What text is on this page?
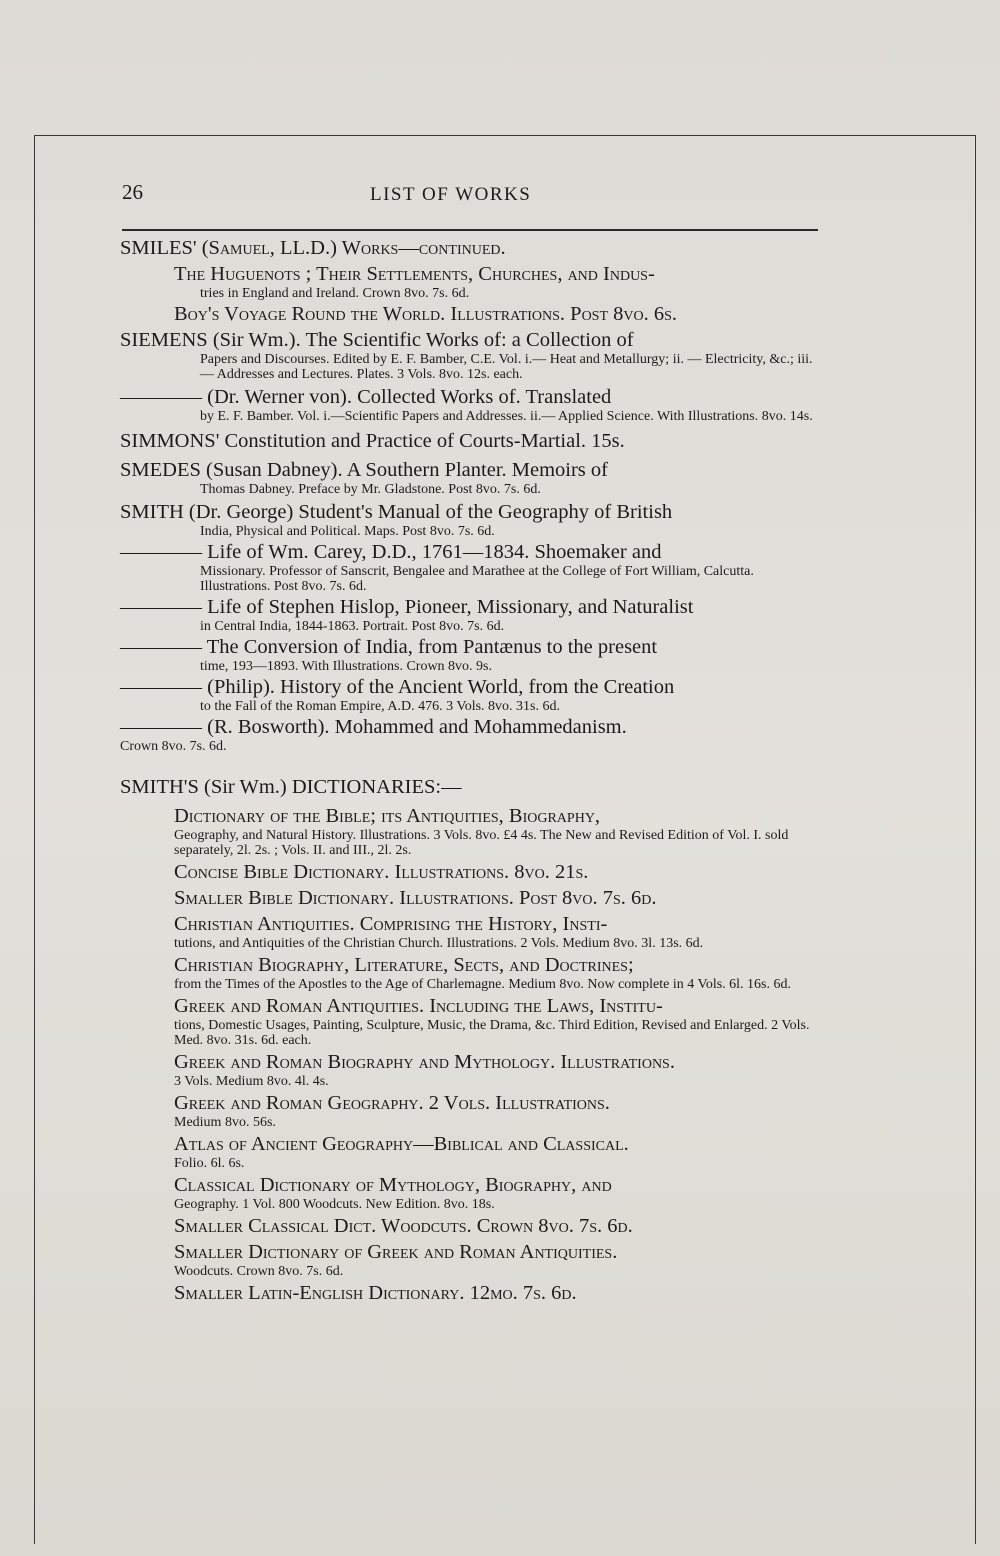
26	LIST OF WORKS

SMILES' (Samuel, LL.D.) Works—continued.

The Huguenots ; Their Settlements, Churches, and Indus-

tries in England and Ireland. Crown 8vo. 7s. 6d.

Boy's Voyage Round the World. Illustrations. Post 8vo. 6s.

SIEMENS (Sir Wm.). The Scientific Works of: a Collection of

Papers and Discourses. Edited by E. F. Bamber, C.E. Vol. i.— Heat and Metallurgy; ii. — Electricity, &c.; iii. — Addresses and Lectures. Plates. 3 Vols. 8vo. 12s. each.

———— (Dr. Werner von). Collected Works of. Translated

by E. F. Bamber. Vol. i.—Scientific Papers and Addresses. ii.— Applied Science. With Illustrations. 8vo. 14s.

SIMMONS' Constitution and Practice of Courts-Martial. 15s.

SMEDES (Susan Dabney). A Southern Planter. Memoirs of

Thomas Dabney. Preface by Mr. Gladstone. Post 8vo. 7s. 6d.

SMITH (Dr. George) Student's Manual of the Geography of British

India, Physical and Political. Maps. Post 8vo. 7s. 6d.

———— Life of Wm. Carey, D.D., 1761—1834. Shoemaker and

Missionary. Professor of Sanscrit, Bengalee and Marathee at the College of Fort William, Calcutta. Illustrations. Post 8vo. 7s. 6d.

———— Life of Stephen Hislop, Pioneer, Missionary, and Naturalist

in Central India, 1844-1863. Portrait. Post 8vo. 7s. 6d.

———— The Conversion of India, from Pantænus to the present

time, 193—1893. With Illustrations. Crown 8vo. 9s.

———— (Philip). History of the Ancient World, from the Creation

to the Fall of the Roman Empire, A.D. 476. 3 Vols. 8vo. 31s. 6d.

———— (R. Bosworth). Mohammed and Mohammedanism.

Crown 8vo. 7s. 6d.

SMITH'S (Sir Wm.) DICTIONARIES:—

Dictionary of the Bible; its Antiquities, Biography,

Geography, and Natural History. Illustrations. 3 Vols. 8vo. £4 4s. The New and Revised Edition of Vol. I. sold separately, 2l. 2s. ; Vols. II. and III., 2l. 2s.

Concise Bible Dictionary. Illustrations. 8vo. 21s.

Smaller Bible Dictionary. Illustrations. Post 8vo. 7s. 6d.

Christian Antiquities. Comprising the History, Insti-

tutions, and Antiquities of the Christian Church. Illustrations. 2 Vols. Medium 8vo. 3l. 13s. 6d.

Christian Biography, Literature, Sects, and Doctrines;

from the Times of the Apostles to the Age of Charlemagne. Medium 8vo. Now complete in 4 Vols. 6l. 16s. 6d.

Greek and Roman Antiquities. Including the Laws, Institu-

tions, Domestic Usages, Painting, Sculpture, Music, the Drama, &c. Third Edition, Revised and Enlarged. 2 Vols. Med. 8vo. 31s. 6d. each.

Greek and Roman Biography and Mythology. Illustrations.

3 Vols. Medium 8vo. 4l. 4s.

Greek and Roman Geography. 2 Vols. Illustrations.

Medium 8vo. 56s.

Atlas of Ancient Geography—Biblical and Classical.

Folio. 6l. 6s.

Classical Dictionary of Mythology, Biography, and

Geography. 1 Vol. 800 Woodcuts. New Edition. 8vo. 18s.

Smaller Classical Dict. Woodcuts. Crown 8vo. 7s. 6d.

Smaller Dictionary of Greek and Roman Antiquities.

Woodcuts. Crown 8vo. 7s. 6d.

Smaller Latin-English Dictionary. 12mo. 7s. 6d.
